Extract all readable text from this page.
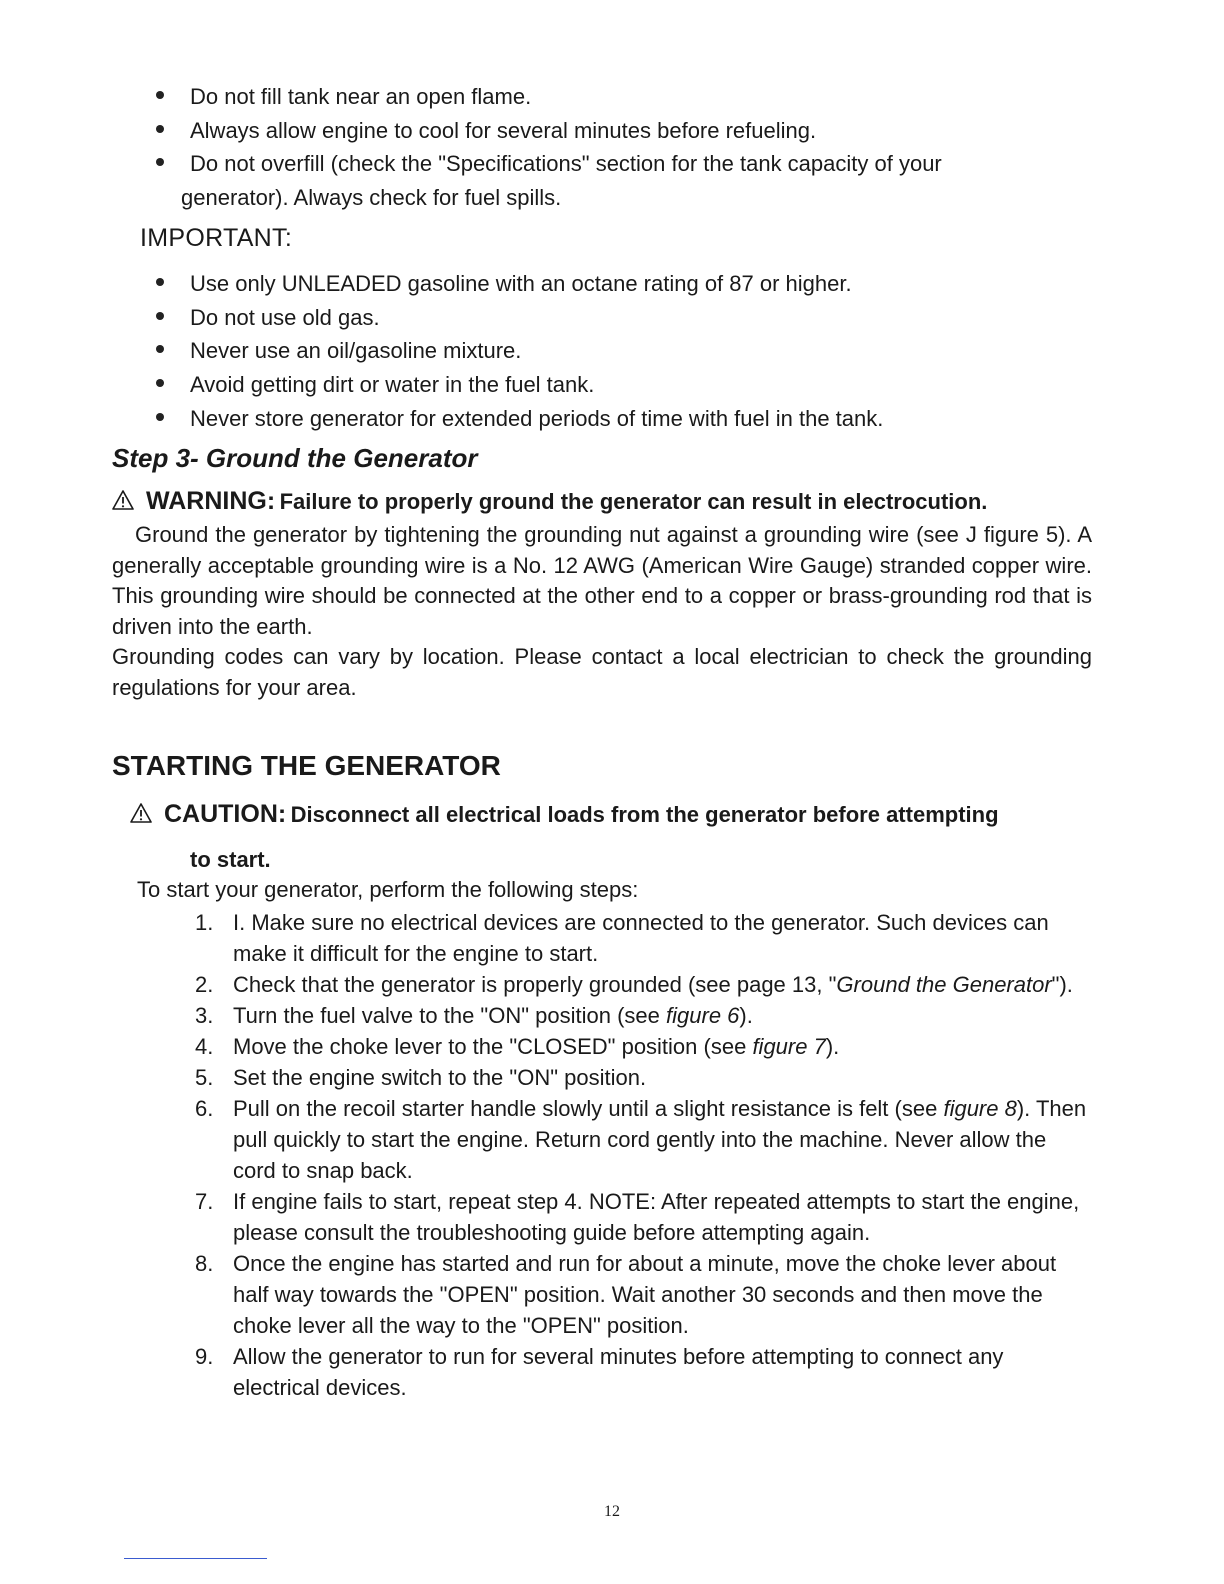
Do not fill tank near an open flame.
Always allow engine to cool for several minutes before refueling.
Do not overfill (check the "Specifications" section for the tank capacity of your
generator). Always check for fuel spills.
IMPORTANT:
Use only UNLEADED gasoline with an octane rating of 87 or higher.
Do not use old gas.
Never use an oil/gasoline mixture.
Avoid getting dirt or water in the fuel tank.
Never store generator for extended periods of time with fuel in the tank.
Step 3- Ground the Generator
WARNING: Failure to properly ground the generator can result in electrocution.

Ground the generator by tightening the grounding nut against a grounding wire (see J figure 5). A generally acceptable grounding wire is a No. 12 AWG (American Wire Gauge) stranded copper wire. This grounding wire should be connected at the other end to a copper or brass-grounding rod that is driven into the earth.

Grounding codes can vary by location. Please contact a local electrician to check the grounding regulations for your area.

STARTING THE GENERATOR
CAUTION: Disconnect all electrical loads from the generator before attempting
to start.
To start your generator, perform the following steps:
1. I. Make sure no electrical devices are connected to the generator. Such devices can make it difficult for the engine to start.
2. Check that the generator is properly grounded (see page 13, "Ground the Generator").
3. Turn the fuel valve to the "ON" position (see figure 6).
4. Move the choke lever to the "CLOSED" position (see figure 7).
5. Set the engine switch to the "ON" position.
6. Pull on the recoil starter handle slowly until a slight resistance is felt (see figure 8). Then pull quickly to start the engine. Return cord gently into the machine. Never allow the cord to snap back.
7. If engine fails to start, repeat step 4. NOTE: After repeated attempts to start the engine, please consult the troubleshooting guide before attempting again.
8. Once the engine has started and run for about a minute, move the choke lever about half way towards the "OPEN" position. Wait another 30 seconds and then move the choke lever all the way to the "OPEN" position.
9. Allow the generator to run for several minutes before attempting to connect any electrical devices.
12
